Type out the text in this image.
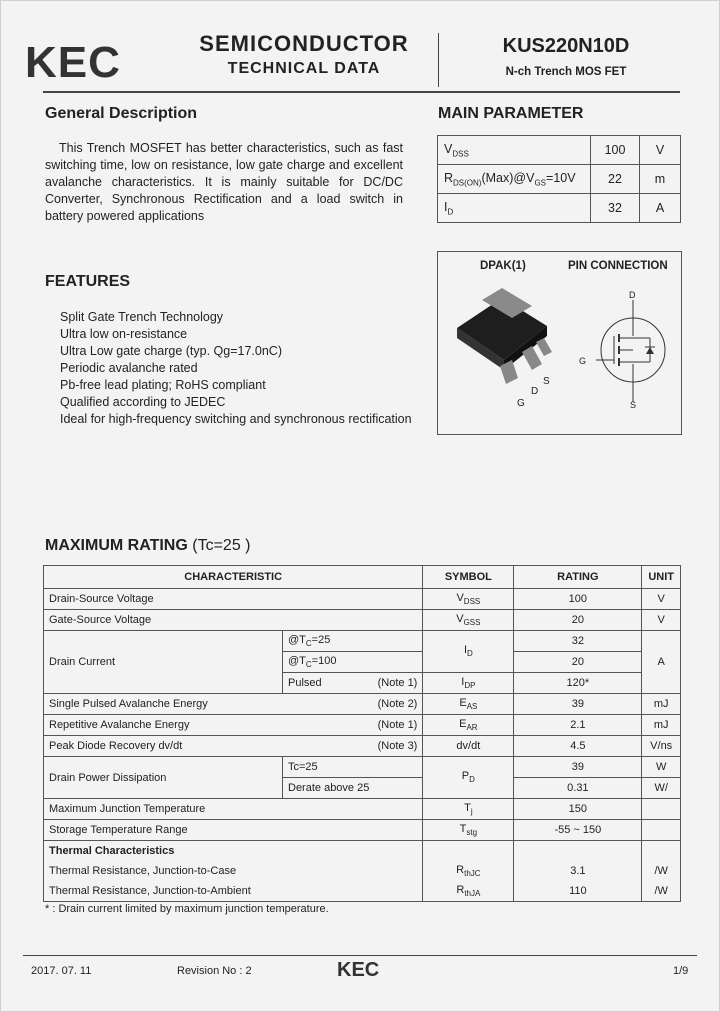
KEC	SEMICONDUCTOR
TECHNICAL DATA
KUS220N10D
N-ch Trench MOS FET
General Description
This Trench MOSFET has better characteristics, such as fast switching time, low on resistance, low gate charge and excellent avalanche characteristics. It is mainly suitable for DC/DC Converter, Synchronous Rectification and a load switch in battery powered applications
FEATURES
Split Gate Trench Technology
Ultra low on-resistance
Ultra Low gate charge (typ. Qg=17.0nC)
Periodic avalanche rated
Pb-free lead plating; RoHS compliant
Qualified according to JEDEC
Ideal for high-frequency switching and synchronous rectification
MAIN PARAMETER
$V_{DSS}$	100	V
$R_{DS(ON)}(Max)@V_{GS}=10V$	22	m
$I_D$	32	A
DPAK(1)	PIN CONNECTION
G
D
S
D
G
S
MAXIMUM RATING (Tc=25 )
CHARACTERISTIC			SYMBOL	RATING	UNIT
Drain-Source Voltage			$V_{DSS}$	100	V
Gate-Source Voltage			$V_{GSS}$	20	V
Drain Current	$@T_C=25$		$I_D$	32	A
	$@T_C=100$			20	
	Pulsed	(Note 1)	$I_{DP}$	120*	
Single Pulsed Avalanche Energy		(Note 2)	$E_{AS}$	39	mJ
Repetitive Avalanche Energy		(Note 1)	$E_{AR}$	2.1	mJ
Peak Diode Recovery dv/dt		(Note 3)	dv/dt	4.5	V/ns
Drain Power Dissipation	Tc=25		$P_D$	39	W
	Derate above 25			0.31	W/
Maximum Junction Temperature			$T_j$	150	
Storage Temperature Range			$T_{stg}$	-55 ~ 150	
Thermal Characteristics					
Thermal Resistance, Junction-to-Case			$R_{thJC}$	3.1	/W
Thermal Resistance, Junction-to-Ambient			$R_{thJA}$	110	/W
* : Drain current limited by maximum junction temperature.
2017. 07. 11	Revision No : 2	KEC	1/9
